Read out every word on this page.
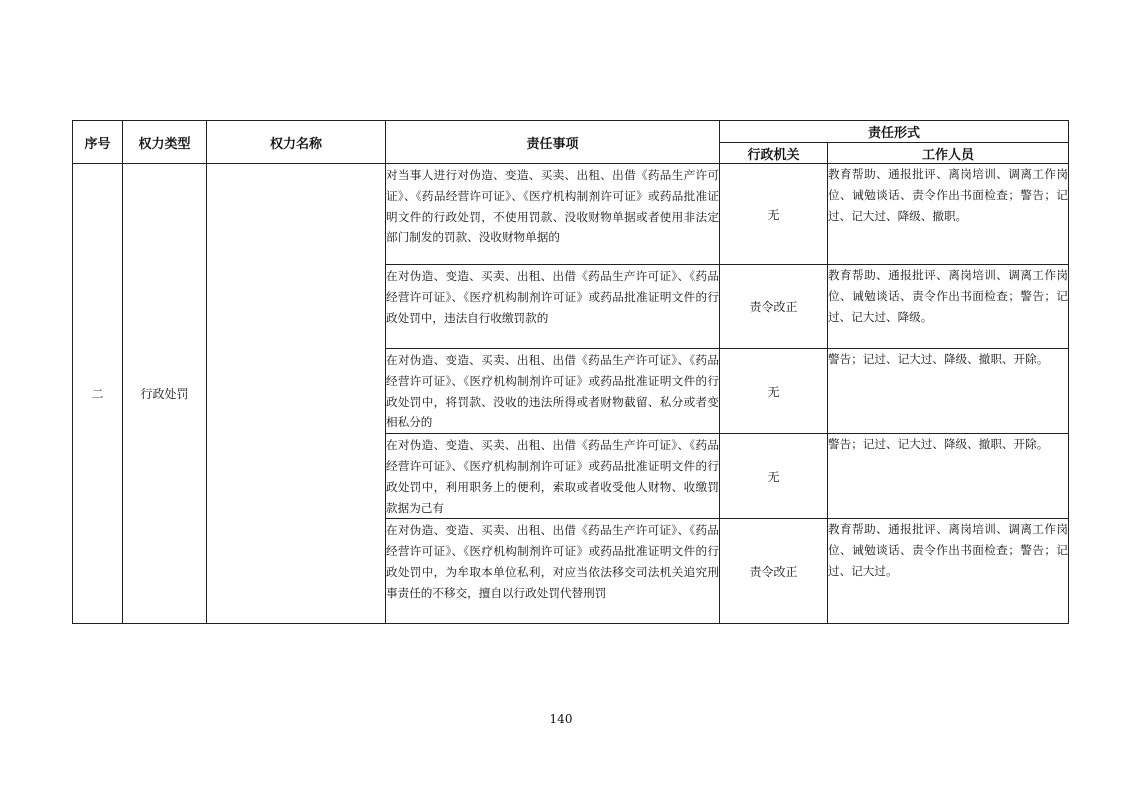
序号	权力类型	权力名称	责任事项	责任形式	
				行政机关	工作人员
二	行政处罚		对当事人进行对伪造、变造、买卖、出租、出借《药品生产许可证》、《药品经营许可证》、《医疗机构制剂许可证》或药品批准证明文件的行政处罚，不使用罚款、没收财物单据或者使用非法定部门制发的罚款、没收财物单据的	无	教育帮助、通报批评、离岗培训、调离工作岗位、诫勉谈话、责令作出书面检查；警告；记过、记大过、降级、撤职。
			在对伪造、变造、买卖、出租、出借《药品生产许可证》、《药品经营许可证》、《医疗机构制剂许可证》或药品批准证明文件的行政处罚中，违法自行收缴罚款的	责令改正	教育帮助、通报批评、离岗培训、调离工作岗位、诫勉谈话、责令作出书面检查；警告；记过、记大过、降级。
			在对伪造、变造、买卖、出租、出借《药品生产许可证》、《药品经营许可证》、《医疗机构制剂许可证》或药品批准证明文件的行政处罚中，将罚款、没收的违法所得或者财物截留、私分或者变相私分的	无	警告；记过、记大过、降级、撤职、开除。
			在对伪造、变造、买卖、出租、出借《药品生产许可证》、《药品经营许可证》、《医疗机构制剂许可证》或药品批准证明文件的行政处罚中，利用职务上的便利，索取或者收受他人财物、收缴罚款据为己有	无	警告；记过、记大过、降级、撤职、开除。
			在对伪造、变造、买卖、出租、出借《药品生产许可证》、《药品经营许可证》、《医疗机构制剂许可证》或药品批准证明文件的行政处罚中，为牟取本单位私利，对应当依法移交司法机关追究刑事责任的不移交，擅自以行政处罚代替刑罚	责令改正	教育帮助、通报批评、离岗培训、调离工作岗位、诫勉谈话、责令作出书面检查；警告；记过、记大过。
140
